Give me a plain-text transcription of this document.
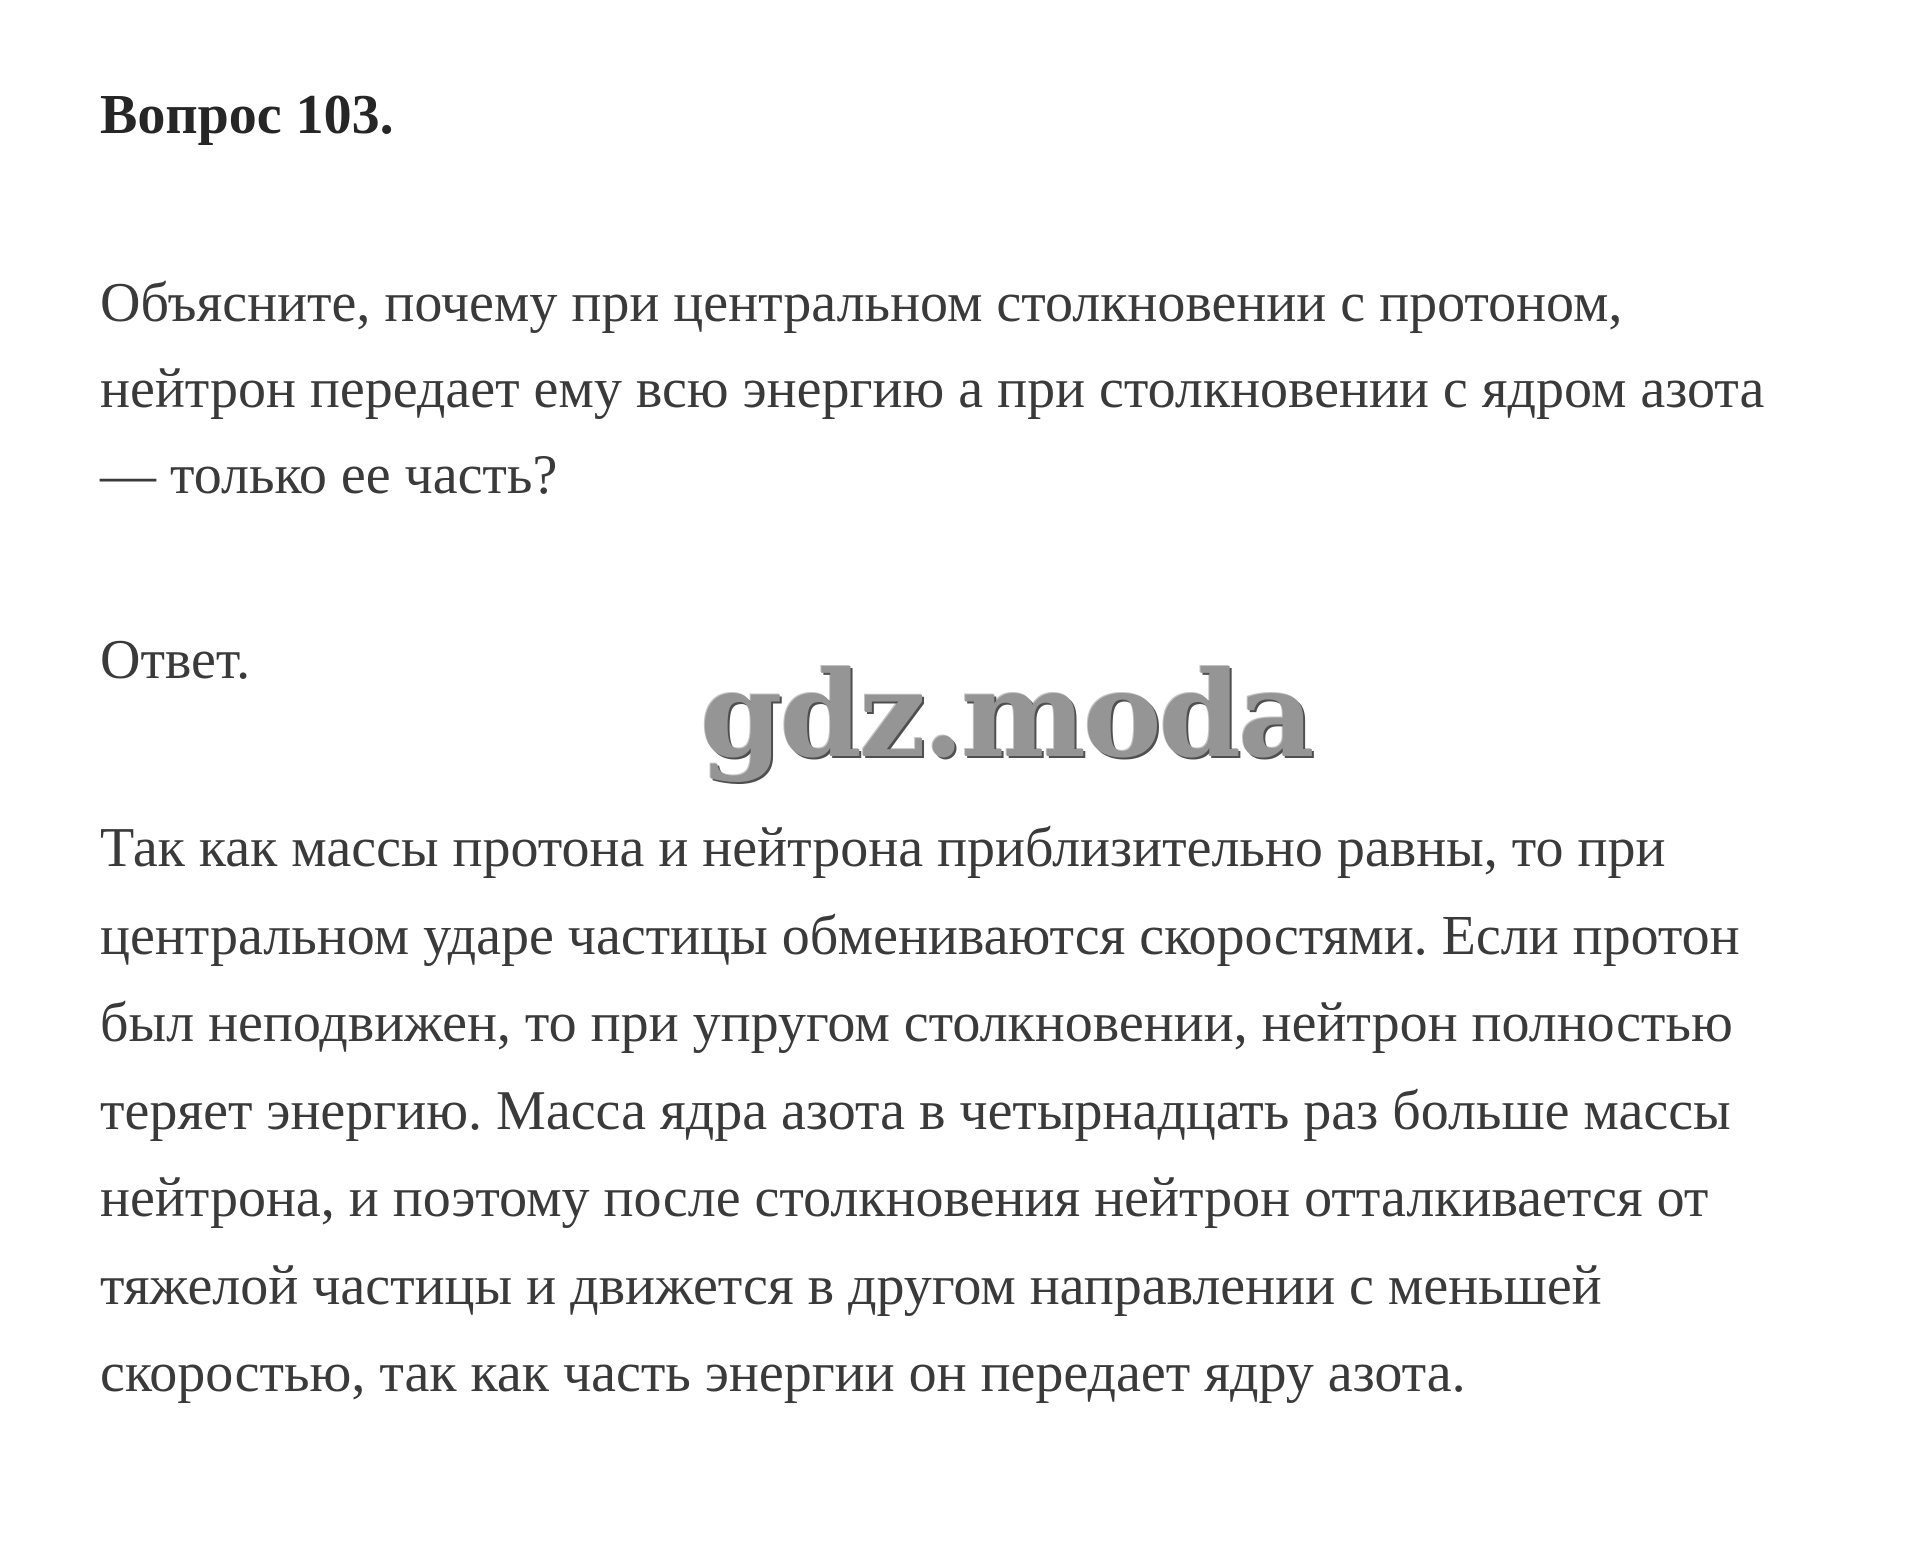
Вопрос 103.
Объясните, почему при центральном столкновении с протоном,
нейтрон передает ему всю энергию а при столкновении с ядром азота
— только ее часть?
Ответ.	gdz.moda
Так как массы протона и нейтрона приблизительно равны, то при
центральном ударе частицы обмениваются скоростями. Если протон
был неподвижен, то при упругом столкновении, нейтрон полностью
теряет энергию. Масса ядра азота в четырнадцать раз больше массы
нейтрона, и поэтому после столкновения нейтрон отталкивается от
тяжелой частицы и движется в другом направлении с меньшей
скоростью, так как часть энергии он передает ядру азота.
